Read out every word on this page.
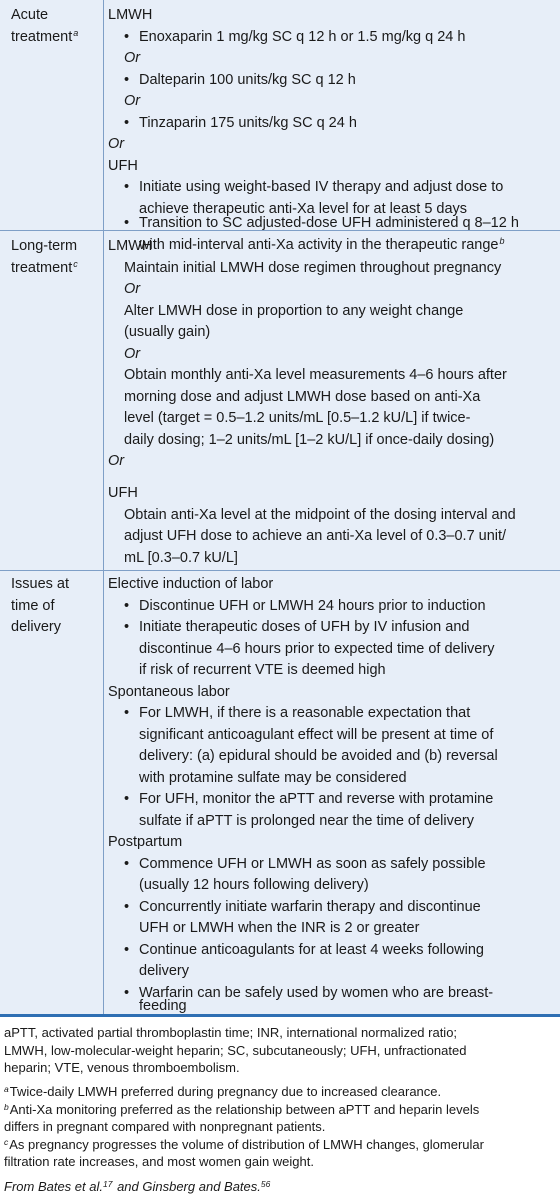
Acute
treatment$^a$
LMWH
• Enoxaparin 1 mg/kg SC q 12 h or 1.5 mg/kg q 24 h
Or
• Dalteparin 100 units/kg SC q 12 h
Or
• Tinzaparin 175 units/kg SC q 24 h
Or
UFH
• Initiate using weight-based IV therapy and adjust dose to
achieve therapeutic anti-Xa level for at least 5 days
•
Long-term
treatment$^c$
LMWH
Maintain initial LMWH dose regimen throughout pregnancy
Or
Alter LMWH dose in proportion to any weight change
(usually gain)
Or
Obtain monthly anti-Xa level measurements 4–6 hours after
morning dose and adjust LMWH dose based on anti-Xa
level (target = 0.5–1.2 units/mL [0.5–1.2 kU/L] if twice-
daily dosing; 1–2 units/mL [1–2 kU/L] if once-daily dosing)
Or
UFH
Obtain anti-Xa level at the midpoint of the dosing interval and
adjust UFH dose to achieve an anti-Xa level of 0.3–0.7 unit/
mL [0.3–0.7 kU/L]
Issues at
time of
delivery
Elective induction of labor
• Discontinue UFH or LMWH 24 hours prior to induction
• Initiate therapeutic doses of UFH by IV infusion and
discontinue 4–6 hours prior to expected time of delivery
if risk of recurrent VTE is deemed high
Spontaneous labor
• For LMWH, if there is a reasonable expectation that
significant anticoagulant effect will be present at time of
delivery: (a) epidural should be avoided and (b) reversal
with protamine sulfate may be considered
• For UFH, monitor the aPTT and reverse with protamine
sulfate if aPTT is prolonged near the time of delivery
Postpartum
• Commence UFH or LMWH as soon as safely possible
(usually 12 hours following delivery)
• Concurrently initiate warfarin therapy and discontinue
UFH or LMWH when the INR is 2 or greater
• Continue anticoagulants for at least 4 weeks following
delivery
• Warfarin can be safely used by women who are breast-
aPTT, activated partial thromboplastin time; INR, international normalized ratio;
LMWH, low-molecular-weight heparin; SC, subcutaneously; UFH, unfractionated
heparin; VTE, venous thromboembolism.
$^a$Twice-daily LMWH preferred during pregnancy due to increased clearance.
$^b$Anti-Xa monitoring preferred as the relationship between aPTT and heparin levels
differs in pregnant compared with nonpregnant patients.
$^c$As pregnancy progresses the volume of distribution of LMWH changes, glomerular
filtration rate increases, and most women gain weight.
From Bates et al.$^{17}$ and Ginsberg and Bates.$^{56}$
Transition to SC adjusted-dose UFH administered q 8–12 h
with mid-interval anti-Xa activity in the therapeutic range$^b$
feeding
